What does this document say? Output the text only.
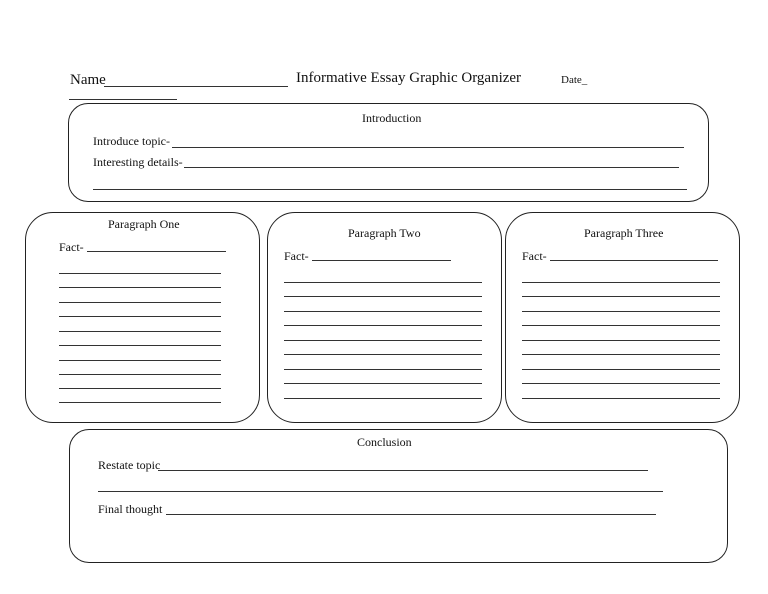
Name	Informative Essay Graphic Organizer	Date_
Introduction
Introduce topic-
Interesting details-
Paragraph One
Fact-
Paragraph Two
Fact-
Paragraph Three
Fact-
Conclusion
Restate topic
Final thought
